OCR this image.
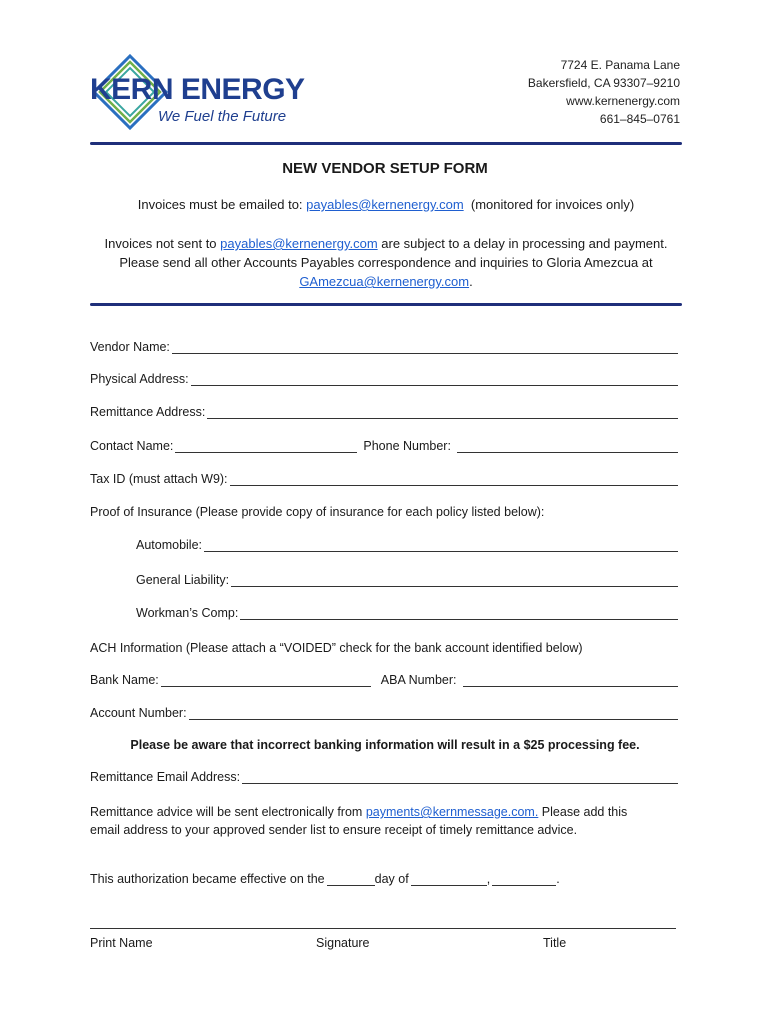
KERN ENERGY
We Fuel the Future
7724 E. Panama Lane
Bakersfield, CA 93307–9210
www.kernenergy.com
661–845–0761
NEW VENDOR SETUP FORM
Invoices must be emailed to: payables@kernenergy.com (monitored for invoices only)
Invoices not sent to payables@kernenergy.com are subject to a delay in processing and payment.
Please send all other Accounts Payables correspondence and inquiries to Gloria Amezcua at
GAmezcua@kernenergy.com.
Vendor Name:
Physical Address:
Remittance Address:
Contact Name:	Phone Number:
Tax ID (must attach W9):
Proof of Insurance (Please provide copy of insurance for each policy listed below):
Automobile:
General Liability:
Workman’s Comp:
ACH Information (Please attach a “VOIDED” check for the bank account identified below)
Bank Name:	ABA Number:
Account Number:
Please be aware that incorrect banking information will result in a $25 processing fee.
Remittance Email Address:
Remittance advice will be sent electronically from payments@kernmessage.com. Please add this
email address to your approved sender list to ensure receipt of timely remittance advice.
This authorization became effective on the	day of	,	.
Print Name	Signature	Title
